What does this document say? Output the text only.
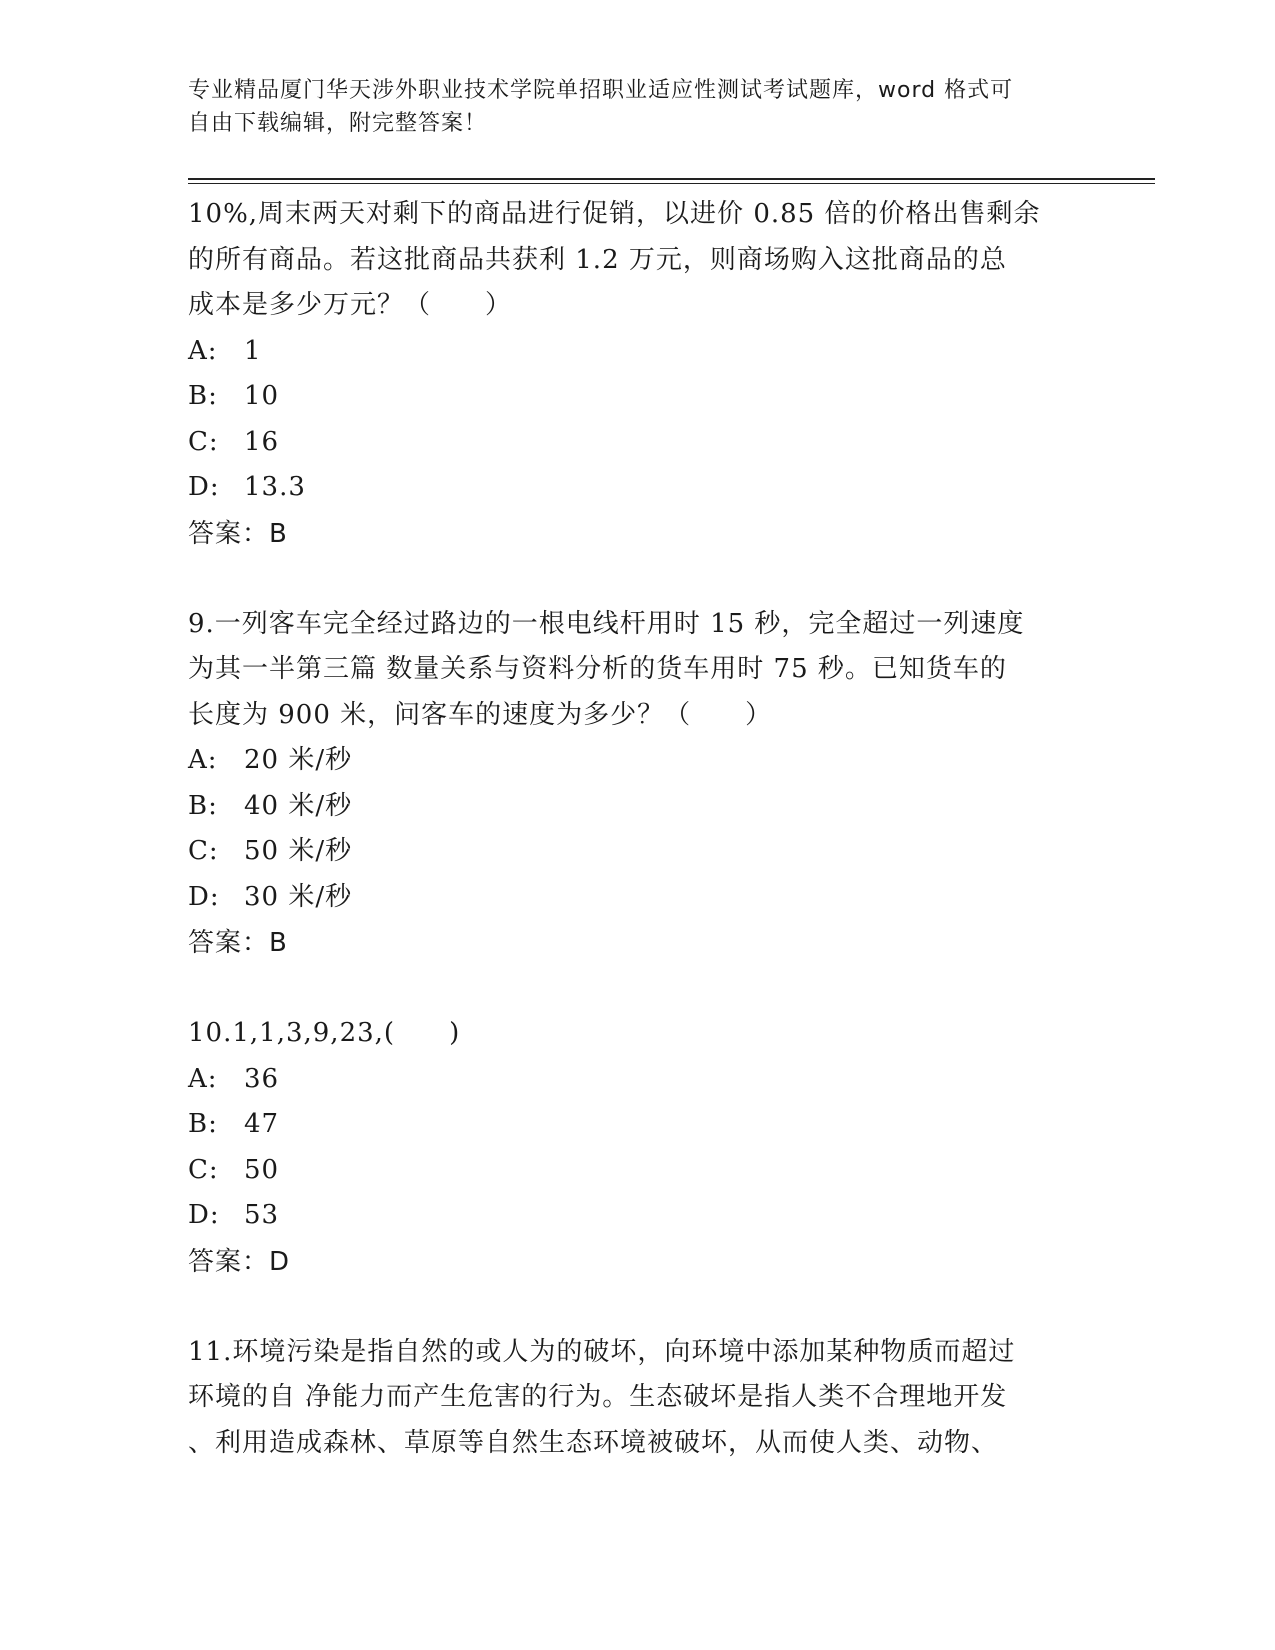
专业精品厦门华天涉外职业技术学院单招职业适应性测试考试题库，word 格式可
自由下载编辑，附完整答案！
10%,周末两天对剩下的商品进行促销，以进价 0.85 倍的价格出售剩余
的所有商品。若这批商品共获利 1.2 万元，则商场购入这批商品的总
成本是多少万元？（　　）
A: 1
B: 10
C: 16
D: 13.3
答案：B
9.一列客车完全经过路边的一根电线杆用时 15 秒，完全超过一列速度
为其一半第三篇 数量关系与资料分析的货车用时 75 秒。已知货车的
长度为 900 米，问客车的速度为多少？（　　）
A: 20 米/秒
B: 40 米/秒
C: 50 米/秒
D: 30 米/秒
答案：B
10.1,1,3,9,23,(　　)
A: 36
B: 47
C: 50
D: 53
答案：D
11.环境污染是指自然的或人为的破坏，向环境中添加某种物质而超过
环境的自 净能力而产生危害的行为。生态破坏是指人类不合理地开发
、利用造成森林、草原等自然生态环境被破坏，从而使人类、动物、
